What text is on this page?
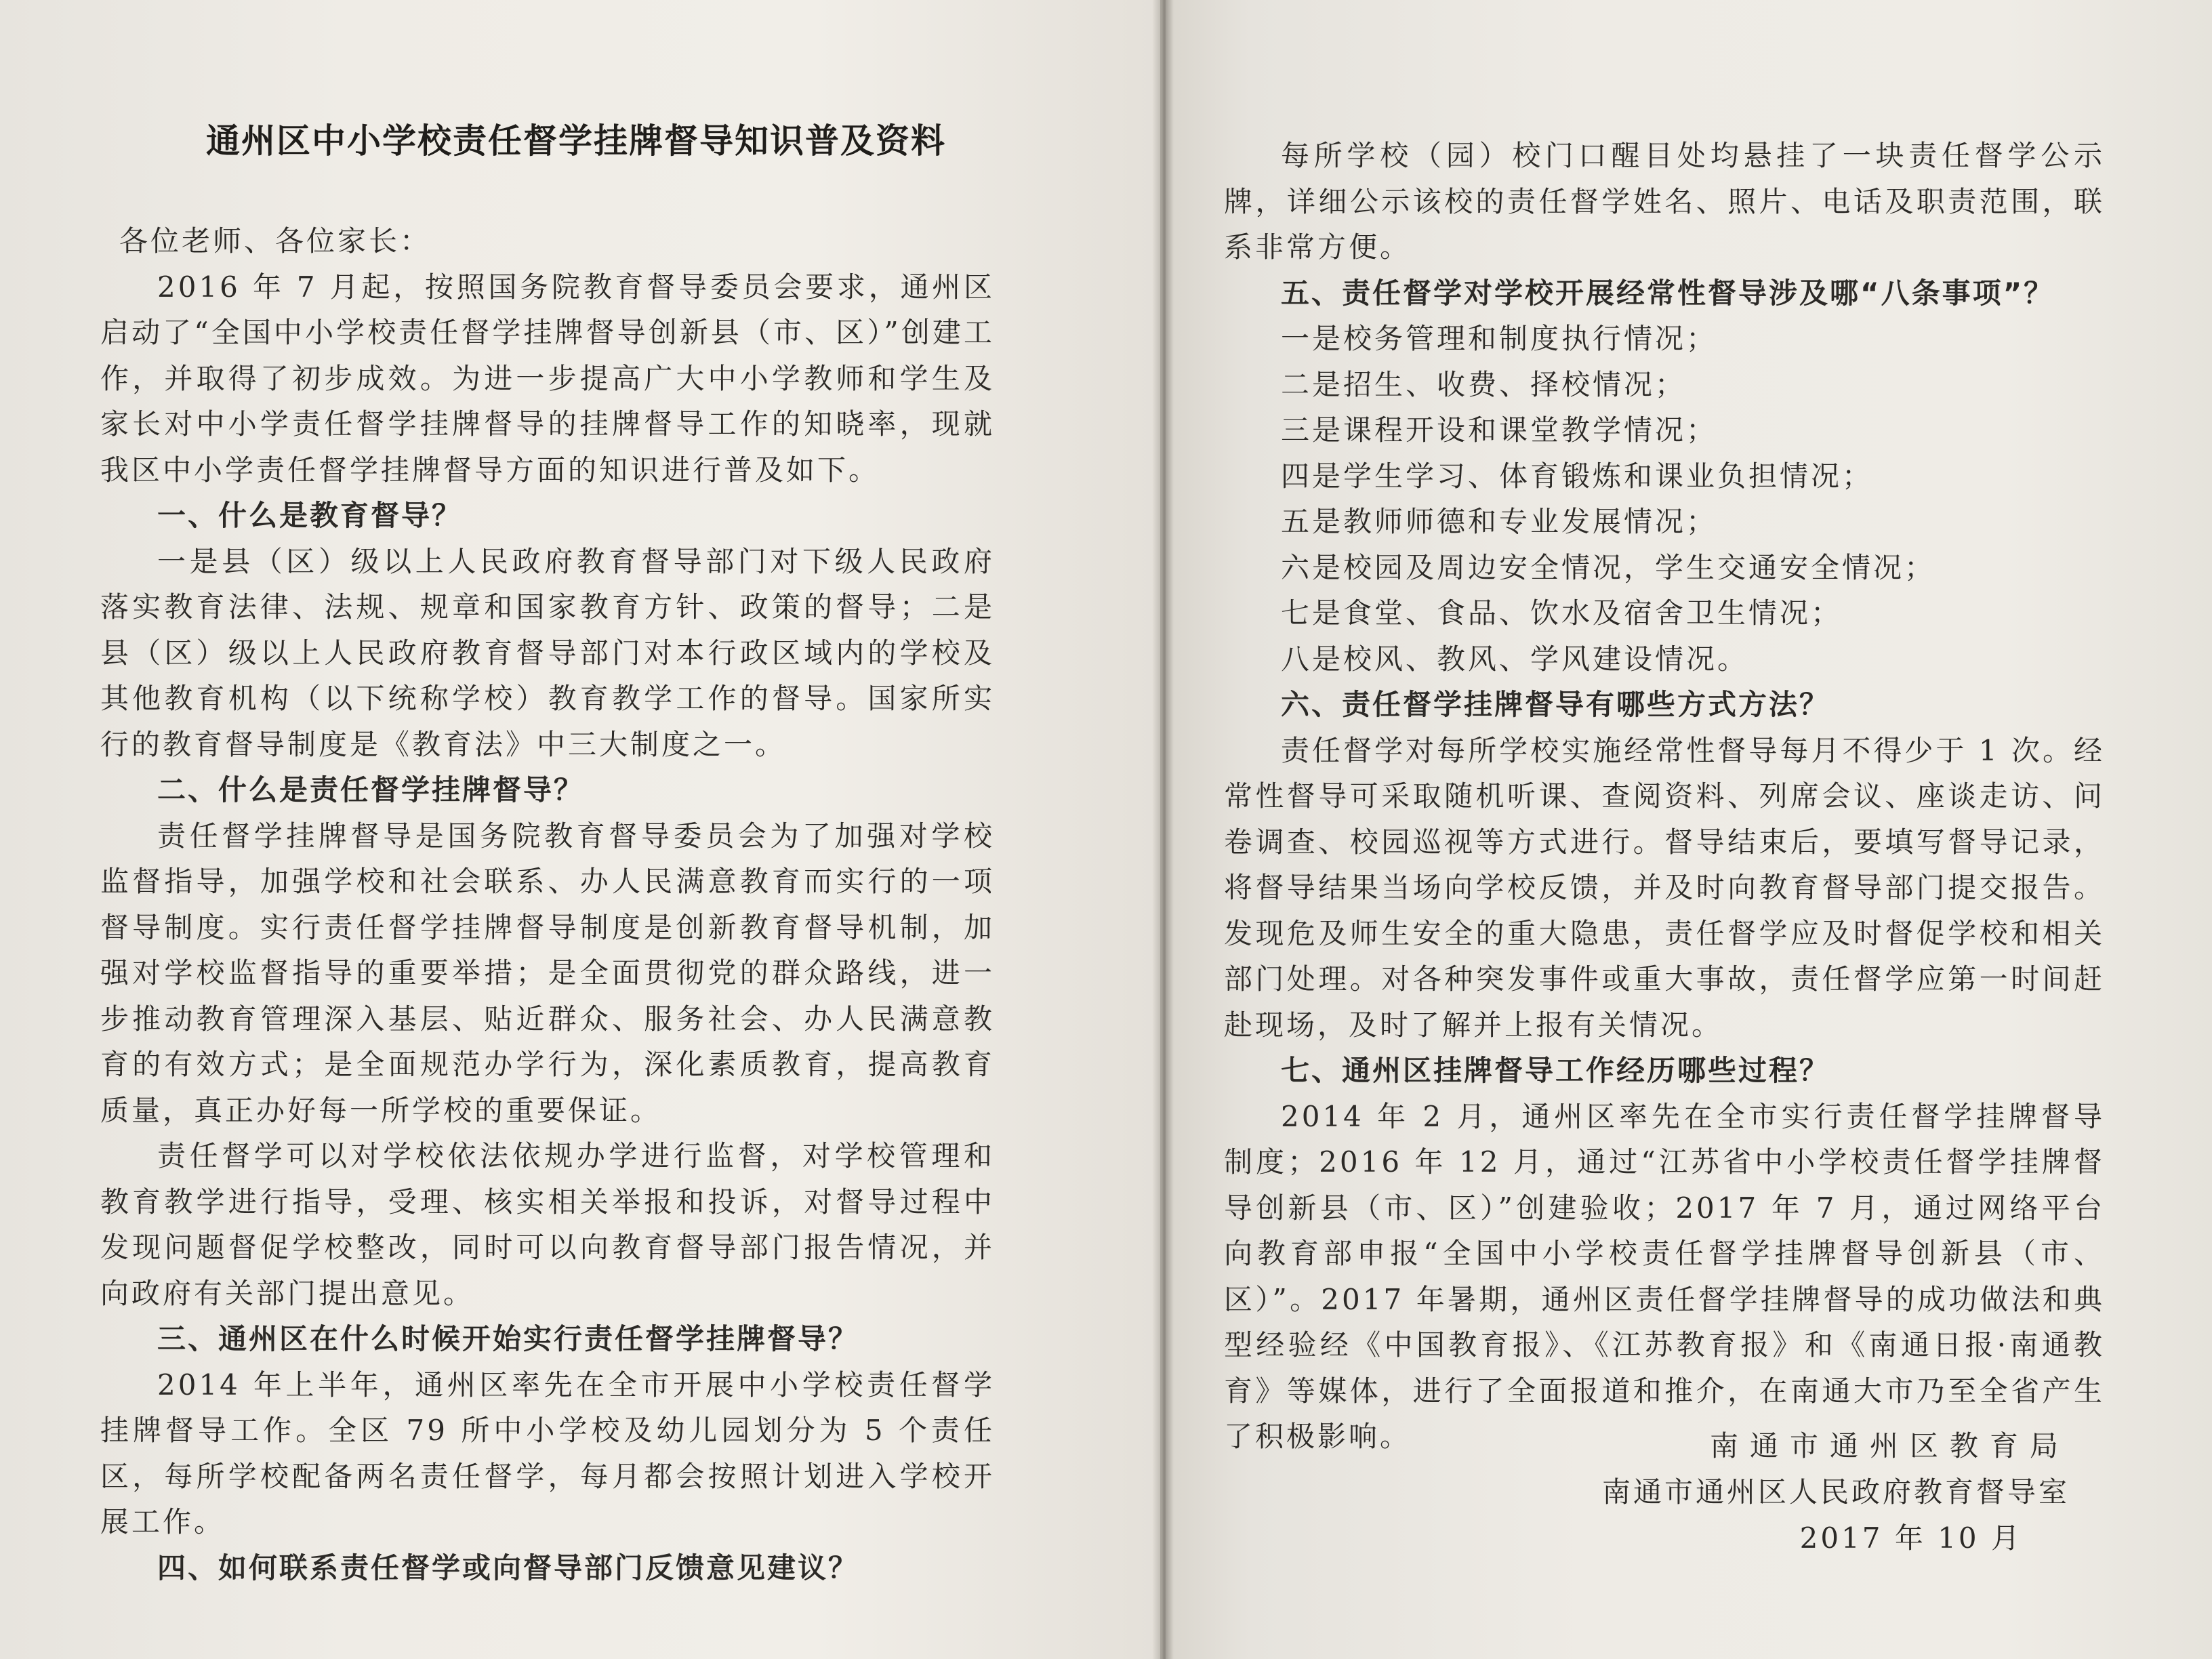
通州区中小学校责任督学挂牌督导知识普及资料

各位老师、各位家长：

2016 年 7 月起，按照国务院教育督导委员会要求，通州区启动了“全国中小学校责任督学挂牌督导创新县（市、区）”创建工作，并取得了初步成效。为进一步提高广大中小学教师和学生及家长对中小学责任督学挂牌督导的挂牌督导工作的知晓率，现就我区中小学责任督学挂牌督导方面的知识进行普及如下。

一、什么是教育督导？

一是县（区）级以上人民政府教育督导部门对下级人民政府落实教育法律、法规、规章和国家教育方针、政策的督导；二是县（区）级以上人民政府教育督导部门对本行政区域内的学校及其他教育机构（以下统称学校）教育教学工作的督导。国家所实行的教育督导制度是《教育法》中三大制度之一。

二、什么是责任督学挂牌督导？

责任督学挂牌督导是国务院教育督导委员会为了加强对学校监督指导，加强学校和社会联系、办人民满意教育而实行的一项督导制度。实行责任督学挂牌督导制度是创新教育督导机制，加强对学校监督指导的重要举措；是全面贯彻党的群众路线，进一步推动教育管理深入基层、贴近群众、服务社会、办人民满意教育的有效方式；是全面规范办学行为，深化素质教育，提高教育质量，真正办好每一所学校的重要保证。

责任督学可以对学校依法依规办学进行监督，对学校管理和教育教学进行指导，受理、核实相关举报和投诉，对督导过程中发现问题督促学校整改，同时可以向教育督导部门报告情况，并向政府有关部门提出意见。

三、通州区在什么时候开始实行责任督学挂牌督导？

2014 年上半年，通州区率先在全市开展中小学校责任督学挂牌督导工作。全区 79 所中小学校及幼儿园划分为 5 个责任区，每所学校配备两名责任督学，每月都会按照计划进入学校开展工作。

四、如何联系责任督学或向督导部门反馈意见建议？

每所学校（园）校门口醒目处均悬挂了一块责任督学公示牌，详细公示该校的责任督学姓名、照片、电话及职责范围，联系非常方便。

五、责任督学对学校开展经常性督导涉及哪“八条事项”？

一是校务管理和制度执行情况；

二是招生、收费、择校情况；

三是课程开设和课堂教学情况；

四是学生学习、体育锻炼和课业负担情况；

五是教师师德和专业发展情况；

六是校园及周边安全情况，学生交通安全情况；

七是食堂、食品、饮水及宿舍卫生情况；

八是校风、教风、学风建设情况。

六、责任督学挂牌督导有哪些方式方法？

责任督学对每所学校实施经常性督导每月不得少于 1 次。经常性督导可采取随机听课、查阅资料、列席会议、座谈走访、问卷调查、校园巡视等方式进行。督导结束后，要填写督导记录，将督导结果当场向学校反馈，并及时向教育督导部门提交报告。发现危及师生安全的重大隐患，责任督学应及时督促学校和相关部门处理。对各种突发事件或重大事故，责任督学应第一时间赶赴现场，及时了解并上报有关情况。

七、通州区挂牌督导工作经历哪些过程？

2014 年 2 月，通州区率先在全市实行责任督学挂牌督导制度；2016 年 12 月，通过“江苏省中小学校责任督学挂牌督导创新县（市、区）”创建验收；2017 年 7 月，通过网络平台向教育部申报“全国中小学校责任督学挂牌督导创新县（市、区）”。2017 年暑期，通州区责任督学挂牌督导的成功做法和典型经验经《中国教育报》、《江苏教育报》和《南通日报·南通教育》等媒体，进行了全面报道和推介，在南通大市乃至全省产生了积极影响。	南通市通州区教育局

南通市通州区人民政府教育督导室

2017 年 10 月
